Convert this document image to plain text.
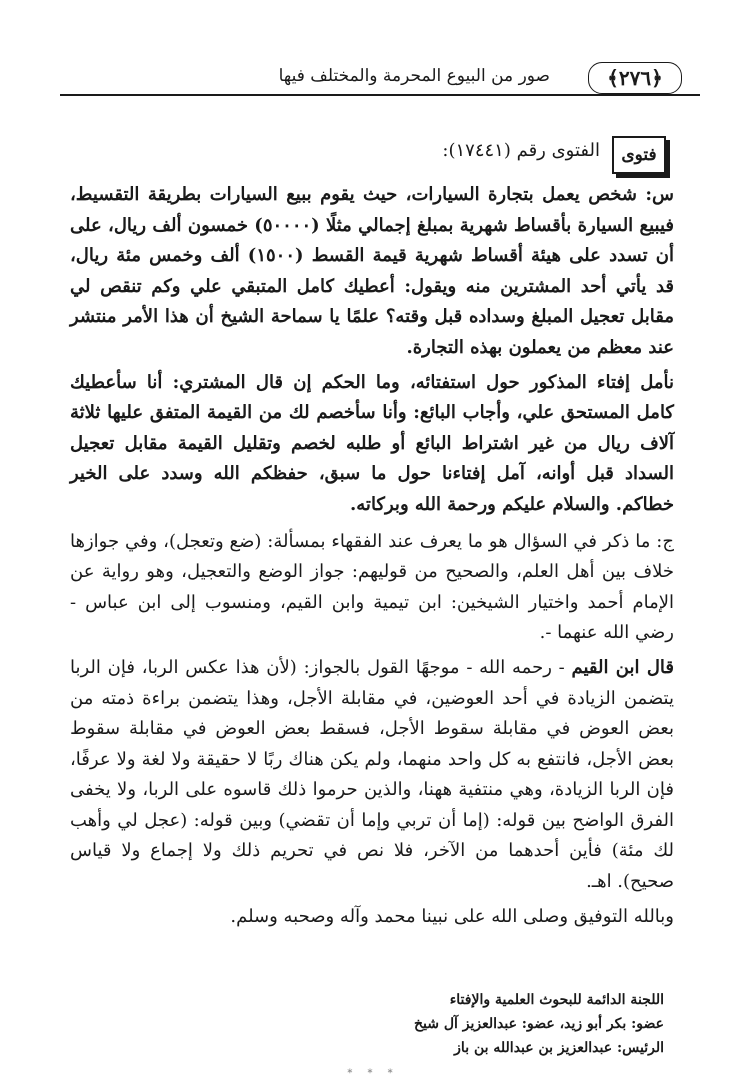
﴿٢٧٦﴾
صور من البيوع المحرمة والمختلف فيها
فتوى
الفتوى رقم (١٧٤٤١):

س: شخص يعمل بتجارة السيارات، حيث يقوم ببيع السيارات بطريقة التقسيط، فيبيع السيارة بأقساط شهرية بمبلغ إجمالي مثلًا (٥٠٠٠٠) خمسون ألف ريال، على أن تسدد على هيئة أقساط شهرية قيمة القسط (١٥٠٠) ألف وخمس مئة ريال، قد يأتي أحد المشترين منه ويقول: أعطيك كامل المتبقي علي وكم تنقص لي مقابل تعجيل المبلغ وسداده قبل وقته؟ علمًا يا سماحة الشيخ أن هذا الأمر منتشر عند معظم من يعملون بهذه التجارة.

نأمل إفتاء المذكور حول استفتائه، وما الحكم إن قال المشتري: أنا سأعطيك كامل المستحق علي، وأجاب البائع: وأنا سأخصم لك من القيمة المتفق عليها ثلاثة آلاف ريال من غير اشتراط البائع أو طلبه لخصم وتقليل القيمة مقابل تعجيل السداد قبل أوانه، آمل إفتاءنا حول ما سبق، حفظكم الله وسدد على الخير خطاكم. والسلام عليكم ورحمة الله وبركاته.

ج: ما ذكر في السؤال هو ما يعرف عند الفقهاء بمسألة: (ضع وتعجل)، وفي جوازها خلاف بين أهل العلم، والصحيح من قوليهم: جواز الوضع والتعجيل، وهو رواية عن الإمام أحمد واختيار الشيخين: ابن تيمية وابن القيم، ومنسوب إلى ابن عباس - رضي الله عنهما -.

قال ابن القيم - رحمه الله - موجهًا القول بالجواز: (لأن هذا عكس الربا، فإن الربا يتضمن الزيادة في أحد العوضين، في مقابلة الأجل، وهذا يتضمن براءة ذمته من بعض العوض في مقابلة سقوط الأجل، فسقط بعض العوض في مقابلة سقوط بعض الأجل، فانتفع به كل واحد منهما، ولم يكن هناك ربًا لا حقيقة ولا لغة ولا عرفًا، فإن الربا الزيادة، وهي منتفية ههنا، والذين حرموا ذلك قاسوه على الربا، ولا يخفى الفرق الواضح بين قوله: (إما أن تربي وإما أن تقضي) وبين قوله: (عجل لي وأهب لك مئة) فأين أحدهما من الآخر، فلا نص في تحريم ذلك ولا إجماع ولا قياس صحيح). اهـ.

وبالله التوفيق وصلى الله على نبينا محمد وآله وصحبه وسلم.

اللجنة الدائمة للبحوث العلمية والإفتاء
عضو: بكر أبو زيد، عضو: عبدالعزيز آل شيخ
الرئيس: عبدالعزيز بن عبدالله بن باز
* * *
